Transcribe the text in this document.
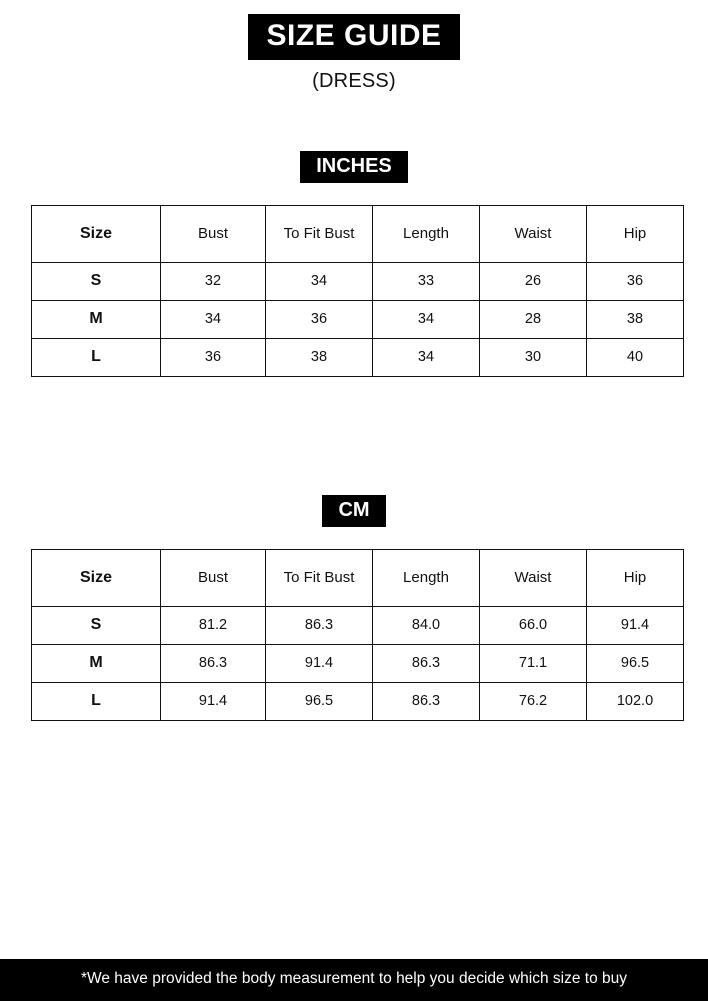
SIZE GUIDE
(DRESS)
INCHES
Size	Bust	To Fit Bust	Length	Waist	Hip
S	32	34	33	26	36
M	34	36	34	28	38
L	36	38	34	30	40
CM
Size	Bust	To Fit Bust	Length	Waist	Hip
S	81.2	86.3	84.0	66.0	91.4
M	86.3	91.4	86.3	71.1	96.5
L	91.4	96.5	86.3	76.2	102.0
*We have provided the body measurement to help you decide which size to buy
